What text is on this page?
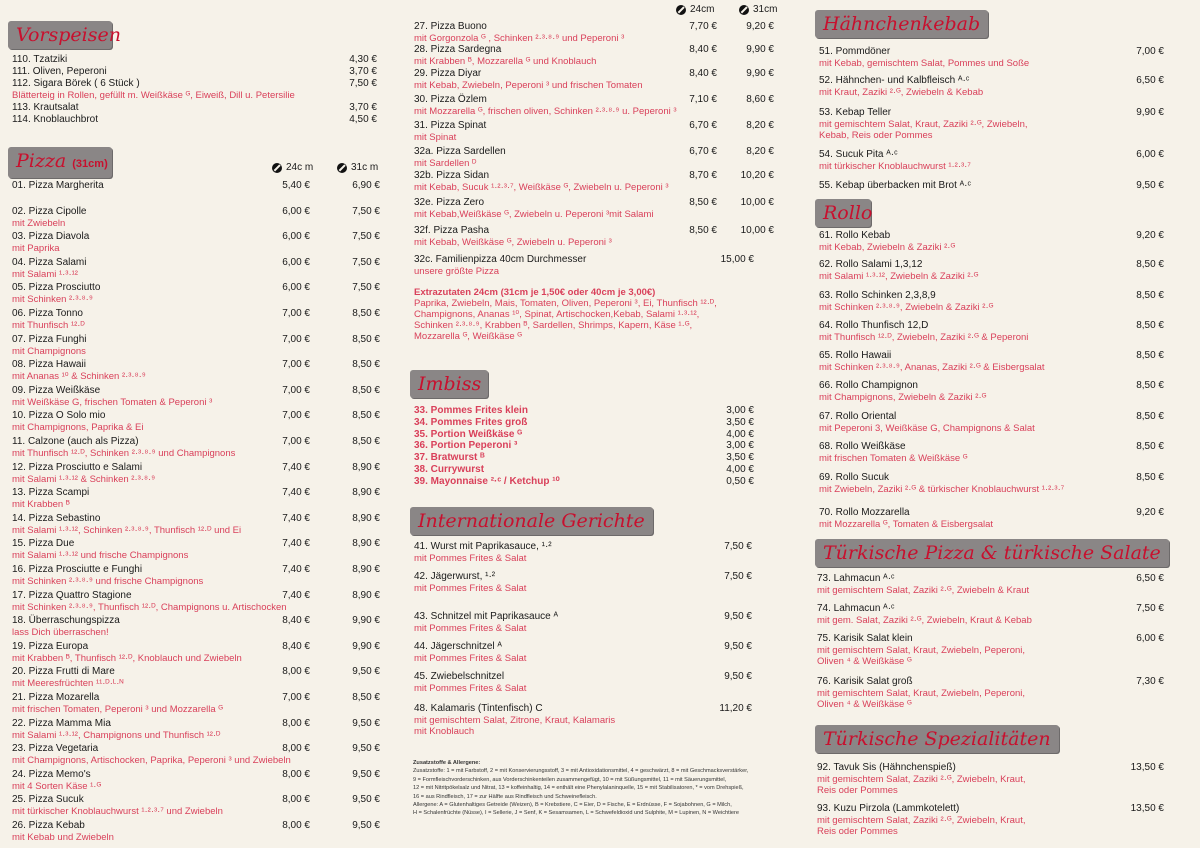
Vorspeisen
110. Tzatziki	4,30 €
111. Oliven, Peperoni	3,70 €
112. Sigara Börek ( 6 Stück )	7,50 €
Blätterteig in Rollen, gefüllt m. Weißkäse ᴳ, Eiweiß, Dill u. Petersilie
113. Krautsalat	3,70 €
114. Knoblauchbrot	4,50 €
Pizza (31cm)	24c m	31c m
01. Pizza Margherita	5,40 €	6,90 €
02. Pizza Cipolle	6,00 €	7,50 €
mit Zwiebeln
03. Pizza Diavola	6,00 €	7,50 €
mit Paprika
04. Pizza Salami	6,00 €	7,50 €
mit Salami ¹·³·¹²
05. Pizza Prosciutto	6,00 €	7,50 €
mit Schinken ²·³·⁸·⁹
06. Pizza Tonno	7,00 €	8,50 €
mit Thunfisch ¹²·ᴰ
07. Pizza Funghi	7,00 €	8,50 €
mit Champignons
08. Pizza Hawaii	7,00 €	8,50 €
mit Ananas ¹⁰ & Schinken ²·³·⁸·⁹
09. Pizza Weißkäse	7,00 €	8,50 €
mit Weißkäse G, frischen Tomaten & Peperoni ³
10. Pizza O Solo mio	7,00 €	8,50 €
mit Champignons, Paprika & Ei
11. Calzone (auch als Pizza)	7,00 €	8,50 €
mit Thunfisch ¹²·ᴰ, Schinken ²·³·⁸·⁹ und Champignons
12. Pizza Prosciutto e Salami	7,40 €	8,90 €
mit Salami ¹·³·¹² & Schinken ²·³·⁸·⁹
13. Pizza Scampi	7,40 €	8,90 €
mit Krabben ᴮ
14. Pizza Sebastino	7,40 €	8,90 €
mit Salami ¹·³·¹², Schinken ²·³·⁸·⁹, Thunfisch ¹²·ᴰ und Ei
15. Pizza Due	7,40 €	8,90 €
mit Salami ¹·³·¹² und frische Champignons
16. Pizza Prosciutte e Funghi	7,40 €	8,90 €
mit Schinken ²·³·⁸·⁹ und frische Champignons
17. Pizza Quattro Stagione	7,40 €	8,90 €
mit Schinken ²·³·⁸·⁹, Thunfisch ¹²·ᴰ, Champignons u. Artischocken
18. Überraschungspizza	8,40 €	9,90 €
lass Dich überraschen!
19. Pizza Europa	8,40 €	9,90 €
mit Krabben ᴮ, Thunfisch ¹²·ᴰ, Knoblauch und Zwiebeln
20. Pizza Frutti di Mare	8,00 €	9,50 €
mit Meeresfrüchten ¹¹·ᴰ·ᴸ·ᴺ
21. Pizza Mozarella	7,00 €	8,50 €
mit frischen Tomaten, Peperoni ³ und Mozzarella ᴳ
22. Pizza Mamma Mia	8,00 €	9,50 €
mit Salami ¹·³·¹², Champignons und Thunfisch ¹²·ᴰ
23. Pizza Vegetaria	8,00 €	9,50 €
mit Champignons, Artischocken, Paprika, Peperoni ³ und Zwiebeln
24. Pizza Memo's	8,00 €	9,50 €
mit 4 Sorten Käse ¹·ᴳ
25. Pizza Sucuk	8,00 €	9,50 €
mit türkischer Knoblauchwurst ¹·²·³·⁷ und Zwiebeln
26. Pizza Kebab	8,00 €	9,50 €
mit Kebab und Zwiebeln
24cm	31cm
27. Pizza Buono	7,70 €	9,20 €
mit Gorgonzola ᴳ , Schinken ²·³·⁸·⁹ und Peperoni ³
28. Pizza Sardegna	8,40 €	9,90 €
mit Krabben ᴮ, Mozzarella ᴳ und Knoblauch
29. Pizza Diyar	8,40 €	9,90 €
mit Kebab, Zwiebeln, Peperoni ³ und frischen Tomaten
30. Pizza Özlem	7,10 €	8,60 €
mit Mozzarella ᴳ, frischen oliven, Schinken ²·³·⁸·⁹ u. Peperoni ³
31. Pizza Spinat	6,70 €	8,20 €
mit Spinat
32a. Pizza Sardellen	6,70 €	8,20 €
mit Sardellen ᴰ
32b. Pizza Sidan	8,70 € 10,20 €
mit Kebab, Sucuk ¹·²·³·⁷, Weißkäse ᴳ, Zwiebeln u. Peperoni ³
32e. Pizza Zero	8,50 € 10,00 €
mit Kebab,Weißkäse ᴳ, Zwiebeln u. Peperoni ³mit Salami
32f. Pizza Pasha	8,50 € 10,00 €
mit Kebab, Weißkäse ᴳ, Zwiebeln u. Peperoni ³
32c. Familienpizza 40cm Durchmesser	15,00 €
unsere größte Pizza
Extrazutaten 24cm (31cm je 1,50€ oder 40cm je 3,00€)
Paprika, Zwiebeln, Mais, Tomaten, Oliven, Peperoni ³, Ei, Thunfisch ¹²·ᴰ,
Champignons, Ananas ¹⁰, Spinat, Artischocken,Kebab, Salami ¹·³·¹²,
Schinken ²·³·⁸·⁹, Krabben ᴮ, Sardellen, Shrimps, Kapern, Käse ¹·ᴳ,
Mozzarella ᴳ, Weißkäse ᴳ
Imbiss
33. Pommes Frites klein	3,00 €
34. Pommes Frites groß	3,50 €
35. Portion Weißkäse ᴳ	4,00 €
36. Portion Peperoni ³	3,00 €
37. Bratwurst ᴮ	3,50 €
38. Currywurst	4,00 €
39. Mayonnaise ²·ᶜ / Ketchup ¹⁰	0,50 €
Internationale Gerichte
41. Wurst mit Paprikasauce, ¹·²	7,50 €
mit Pommes Frites & Salat
42. Jägerwurst, ¹·²	7,50 €
mit Pommes Frites & Salat
43. Schnitzel mit Paprikasauce ᴬ	9,50 €
mit Pommes Frites & Salat
44. Jägerschnitzel ᴬ	9,50 €
mit Pommes Frites & Salat
45. Zwiebelschnitzel	9,50 €
mit Pommes Frites & Salat
48. Kalamaris (Tintenfisch) C	11,20 €
mit gemischtem Salat, Zitrone, Kraut, Kalamaris
mit Knoblauch
Zusatzstoffe & Allergene:
Zusatzstoffe: 1 = mit Farbstoff, 2 = mit Konservierungsstoff, 3 = mit Antioxidationsmittel, 4 = geschwärzt, 8 = mit Geschmacksverstärker,
9 = Formfleischvorderschinken, aus Vorderschinkenteilen zusammengefügt, 10 = mit Süßungsmittel, 11 = mit Säuerungsmittel,
12 = mit Nitritpökelsalz und Nitrat, 13 = koffeinhaltig, 14 = enthält eine Phenylalaninquelle, 15 = mit Stabilisatoren, * = vom Drehspieß,
16 = aus Rindfleisch, 17 = zur Hälfte aus Rindfleisch und Schweinefleisch.
Allergene: A = Glutenhaltiges Getreide (Weizen), B = Krebstiere, C = Eier, D = Fische, E = Erdnüsse, F = Sojabohnen, G = Milch,
H = Schalenfrüchte (Nüsse), I = Sellerie, J = Senf, K = Sesamsamen, L = Schwefeldioxid und Sulphite, M = Lupinen, N = Weichtiere
Hähnchenkebab
51. Pommdöner	7,00 €
mit Kebab, gemischtem Salat, Pommes und Soße
52. Hähnchen- und Kalbfleisch ᴬ·ᶜ	6,50 €
mit Kraut, Zaziki ²·ᴳ, Zwiebeln & Kebab
53. Kebap Teller	9,90 €
mit gemischtem Salat, Kraut, Zaziki ²·ᴳ, Zwiebeln,
Kebab, Reis oder Pommes
54. Sucuk Pita ᴬ·ᶜ	6,00 €
mit türkischer Knoblauchwurst ¹·²·³·⁷
55. Kebap überbacken mit Brot ᴬ·ᶜ	9,50 €
Rollo
61. Rollo Kebab	9,20 €
mit Kebab, Zwiebeln & Zaziki ²·ᴳ
62. Rollo Salami 1,3,12	8,50 €
mit Salami ¹·³·¹², Zwiebeln & Zaziki ²·ᴳ
63. Rollo Schinken 2,3,8,9	8,50 €
mit Schinken ²·³·⁸·⁹, Zwiebeln & Zaziki ²·ᴳ
64. Rollo Thunfisch 12,D	8,50 €
mit Thunfisch ¹²·ᴰ, Zwiebeln, Zaziki ²·ᴳ & Peperoni
65. Rollo Hawaii	8,50 €
mit Schinken ²·³·⁸·⁹, Ananas, Zaziki ²·ᴳ & Eisbergsalat
66. Rollo Champignon	8,50 €
mit Champignons, Zwiebeln & Zaziki ²·ᴳ
67. Rollo Oriental	8,50 €
mit Peperoni 3, Weißkäse G, Champignons & Salat
68. Rollo Weißkäse	8,50 €
mit frischen Tomaten & Weißkäse ᴳ
69. Rollo Sucuk	8,50 €
mit Zwiebeln, Zaziki ²·ᴳ & türkischer Knoblauchwurst ¹·²·³·⁷
70. Rollo Mozzarella	9,20 €
mit Mozzarella ᴳ, Tomaten & Eisbergsalat
Türkische Pizza & türkische Salate
73. Lahmacun ᴬ·ᶜ	6,50 €
mit gemischtem Salat, Zaziki ²·ᴳ, Zwiebeln & Kraut
74. Lahmacun ᴬ·ᶜ	7,50 €
mit gem. Salat, Zaziki ²·ᴳ, Zwiebeln, Kraut & Kebab
75. Karisik Salat klein	6,00 €
mit gemischtem Salat, Kraut, Zwiebeln, Peperoni,
Oliven ⁴ & Weißkäse ᴳ
76. Karisik Salat groß	7,30 €
mit gemischtem Salat, Kraut, Zwiebeln, Peperoni,
Oliven ⁴ & Weißkäse ᴳ
Türkische Spezialitäten
92. Tavuk Sis (Hähnchenspieß)	13,50 €
mit gemischtem Salat, Zaziki ²·ᴳ, Zwiebeln, Kraut,
Reis oder Pommes
93. Kuzu Pirzola (Lammkotelett)	13,50 €
mit gemischtem Salat, Zaziki ²·ᴳ, Zwiebeln, Kraut,
Reis oder Pommes
